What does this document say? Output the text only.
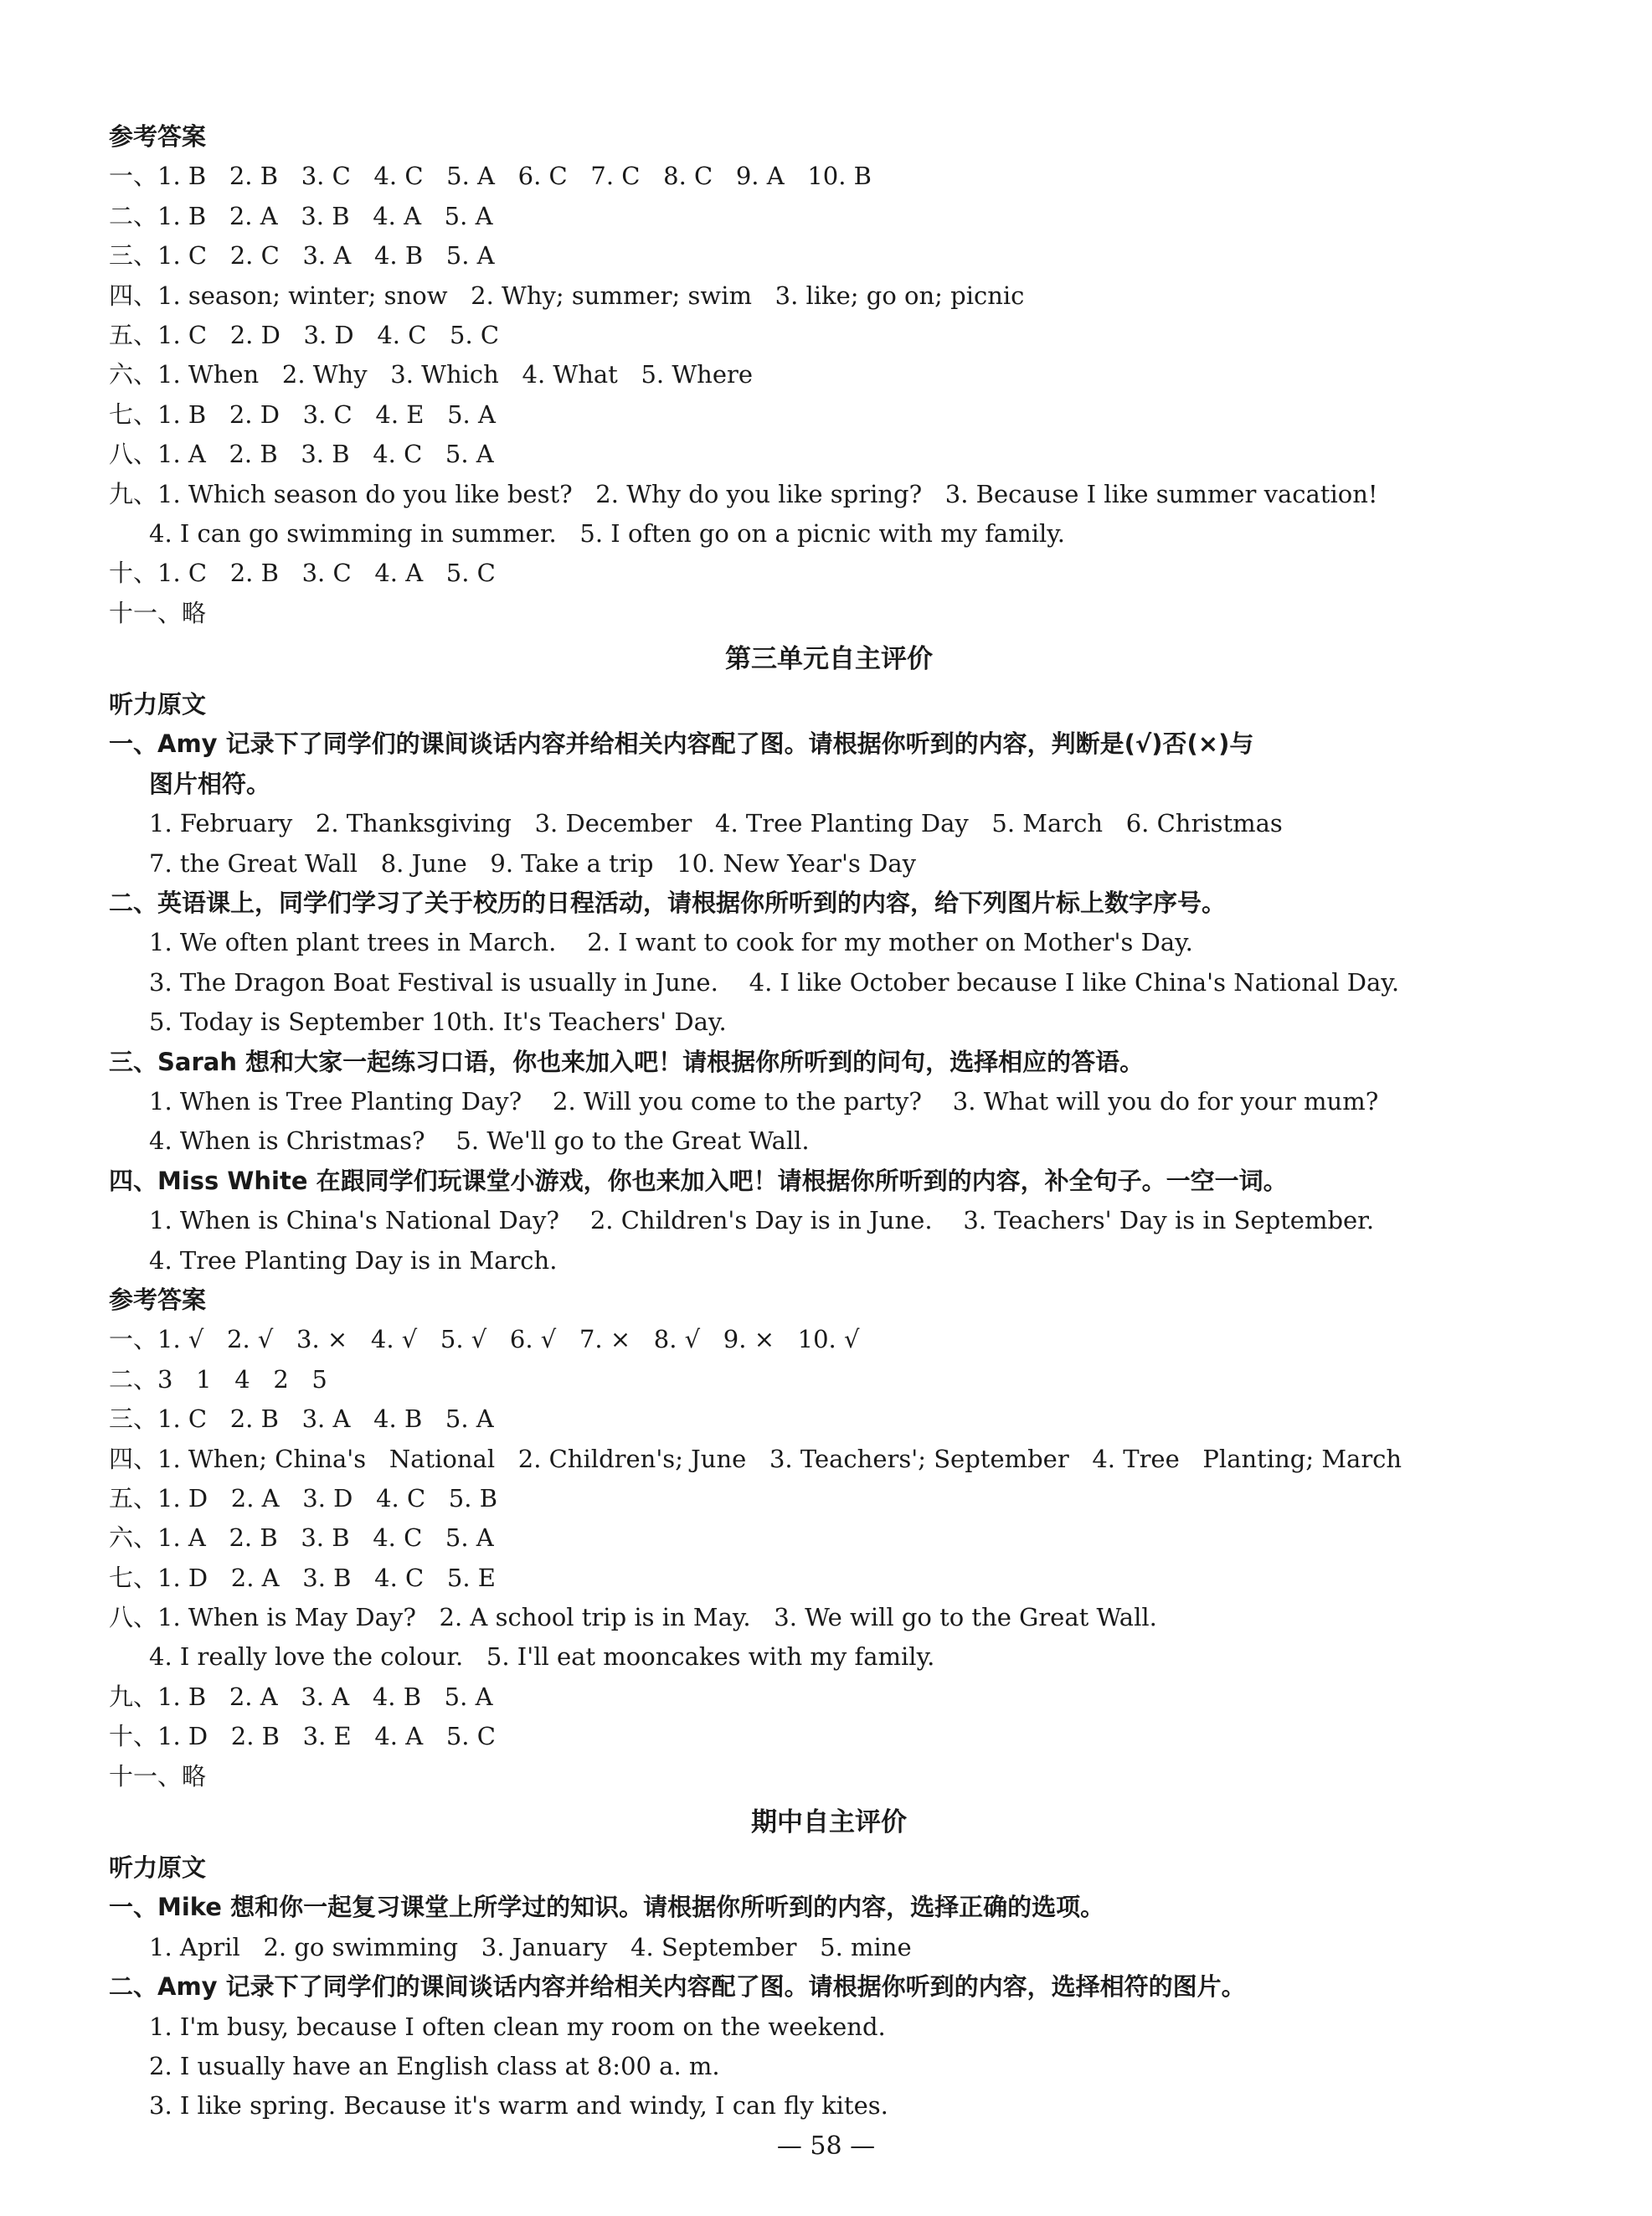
参考答案
一、1. B   2. B   3. C   4. C   5. A   6. C   7. C   8. C   9. A   10. B
二、1. B   2. A   3. B   4. A   5. A
三、1. C   2. C   3. A   4. B   5. A
四、1. season; winter; snow   2. Why; summer; swim   3. like; go on; picnic
五、1. C   2. D   3. D   4. C   5. C
六、1. When   2. Why   3. Which   4. What   5. Where
七、1. B   2. D   3. C   4. E   5. A
八、1. A   2. B   3. B   4. C   5. A
九、1. Which season do you like best?   2. Why do you like spring?   3. Because I like summer vacation!
4. I can go swimming in summer.   5. I often go on a picnic with my family.
十、1. C   2. B   3. C   4. A   5. C
十一、略
第三单元自主评价
听力原文
一、Amy 记录下了同学们的课间谈话内容并给相关内容配了图。请根据你听到的内容，判断是(√)否(×)与
图片相符。
1. February   2. Thanksgiving   3. December   4. Tree Planting Day   5. March   6. Christmas
7. the Great Wall   8. June   9. Take a trip   10. New Year's Day
二、英语课上，同学们学习了关于校历的日程活动，请根据你所听到的内容，给下列图片标上数字序号。
1. We often plant trees in March.    2. I want to cook for my mother on Mother's Day.
3. The Dragon Boat Festival is usually in June.    4. I like October because I like China's National Day.
5. Today is September 10th. It's Teachers' Day.
三、Sarah 想和大家一起练习口语，你也来加入吧！请根据你所听到的问句，选择相应的答语。
1. When is Tree Planting Day?    2. Will you come to the party?    3. What will you do for your mum?
4. When is Christmas?    5. We'll go to the Great Wall.
四、Miss White 在跟同学们玩课堂小游戏，你也来加入吧！请根据你所听到的内容，补全句子。一空一词。
1. When is China's National Day?    2. Children's Day is in June.    3. Teachers' Day is in September.
4. Tree Planting Day is in March.
参考答案
一、1. √   2. √   3. ×   4. √   5. √   6. √   7. ×   8. √   9. ×   10. √
二、3   1   4   2   5
三、1. C   2. B   3. A   4. B   5. A
四、1. When; China's   National   2. Children's; June   3. Teachers'; September   4. Tree   Planting; March
五、1. D   2. A   3. D   4. C   5. B
六、1. A   2. B   3. B   4. C   5. A
七、1. D   2. A   3. B   4. C   5. E
八、1. When is May Day?   2. A school trip is in May.   3. We will go to the Great Wall.
4. I really love the colour.   5. I'll eat mooncakes with my family.
九、1. B   2. A   3. A   4. B   5. A
十、1. D   2. B   3. E   4. A   5. C
十一、略
期中自主评价
听力原文
一、Mike 想和你一起复习课堂上所学过的知识。请根据你所听到的内容，选择正确的选项。
1. April   2. go swimming   3. January   4. September   5. mine
二、Amy 记录下了同学们的课间谈话内容并给相关内容配了图。请根据你听到的内容，选择相符的图片。
1. I'm busy, because I often clean my room on the weekend.
2. I usually have an English class at 8:00 a. m.
3. I like spring. Because it's warm and windy, I can fly kites.
— 58 —
